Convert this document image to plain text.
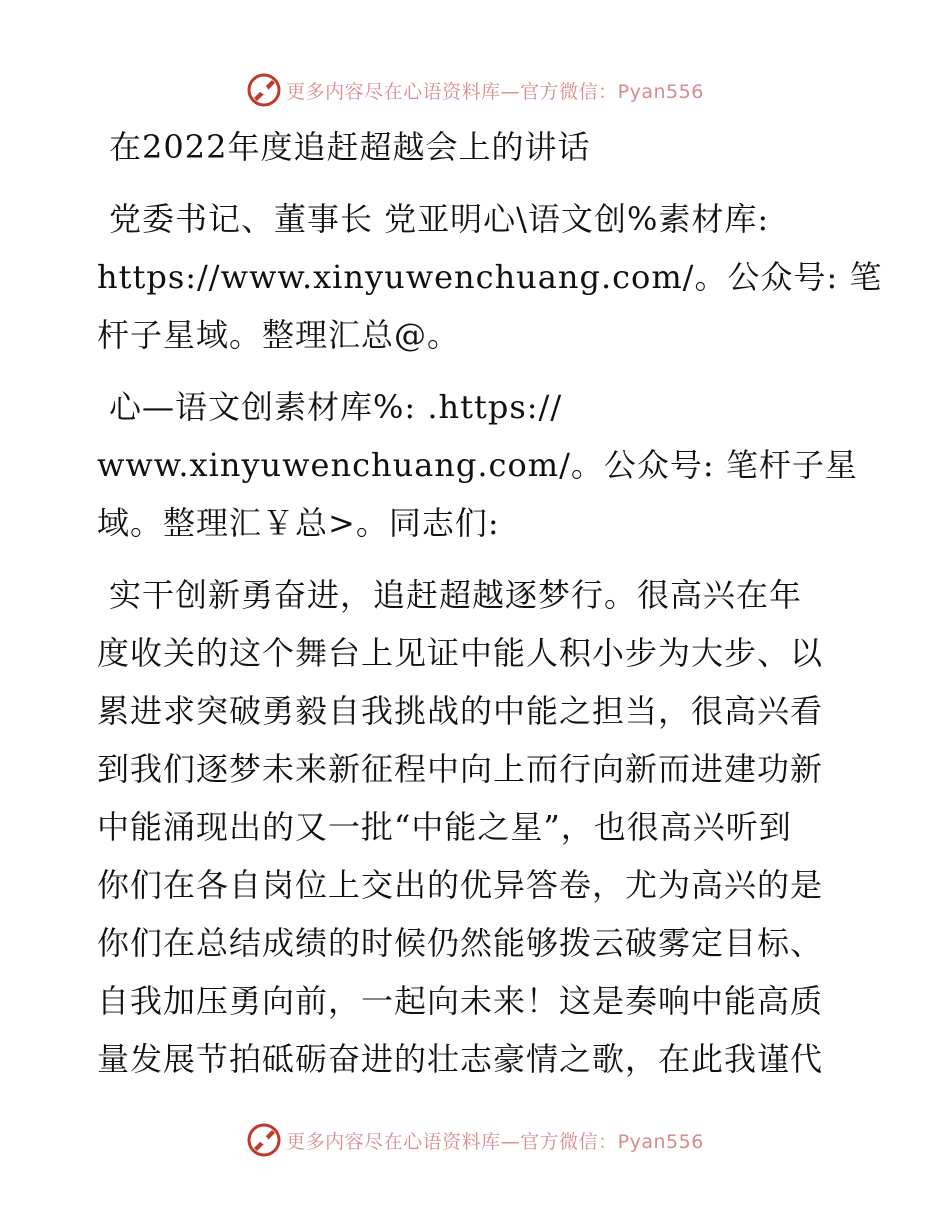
更多内容尽在心语资料库—官方微信：Pyan556
在2022年度追赶超越会上的讲话
党委书记、董事长 党亚明心\语文创%素材库:
https://www.xinyuwenchuang.com/。公众号: 笔
杆子星域。整理汇总@。
心—语文创素材库%: .https://
www.xinyuwenchuang.com/。公众号: 笔杆子星
域。整理汇￥总>。同志们:
实干创新勇奋进，追赶超越逐梦行。很高兴在年
度收关的这个舞台上见证中能人积小步为大步、以
累进求突破勇毅自我挑战的中能之担当，很高兴看
到我们逐梦未来新征程中向上而行向新而进建功新
中能涌现出的又一批“中能之星”，也很高兴听到
你们在各自岗位上交出的优异答卷，尤为高兴的是
你们在总结成绩的时候仍然能够拨云破雾定目标、
自我加压勇向前，一起向未来！这是奏响中能高质
量发展节拍砥砺奋进的壮志豪情之歌，在此我谨代
更多内容尽在心语资料库—官方微信：Pyan556
